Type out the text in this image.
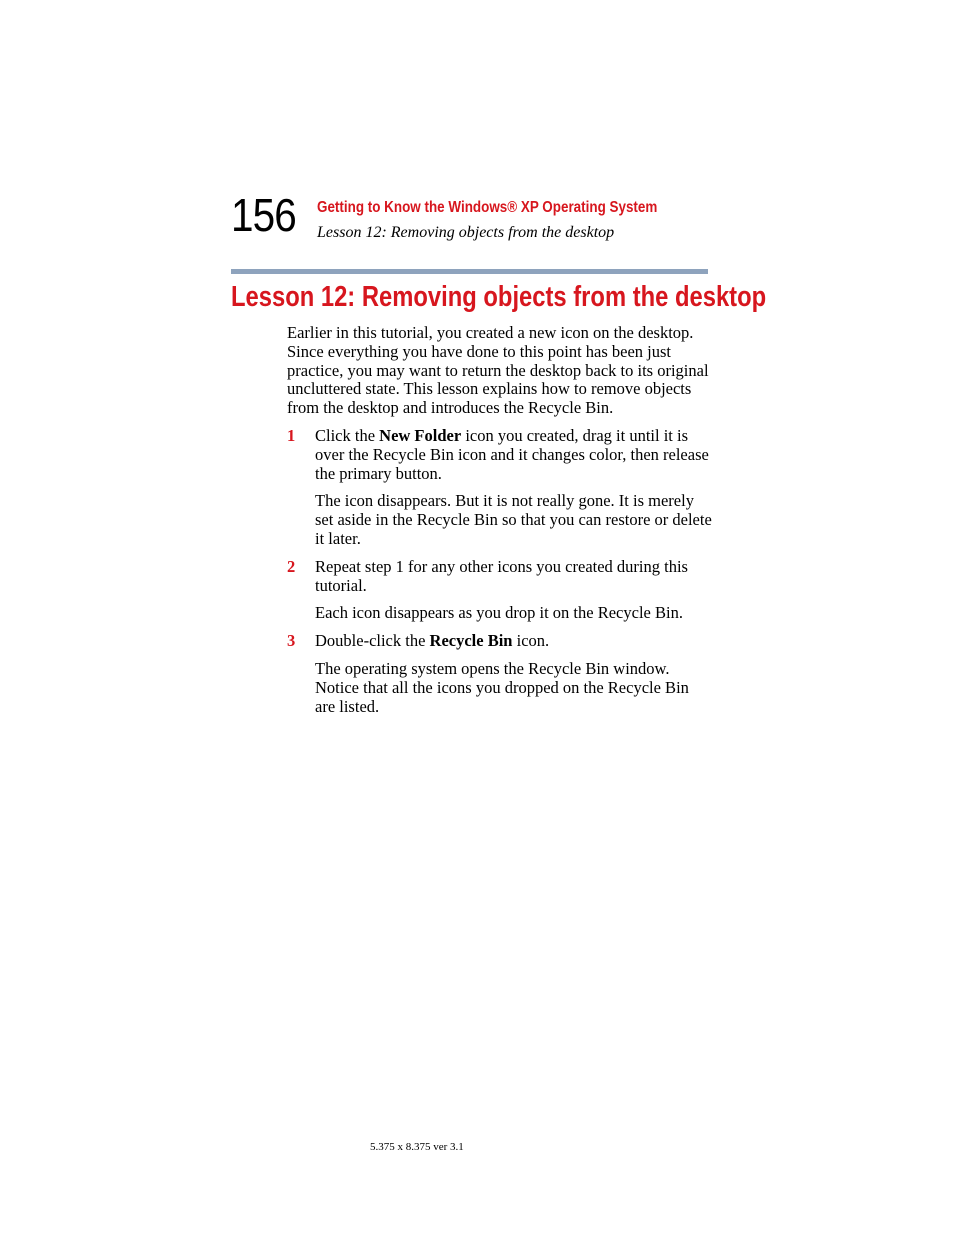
156 Getting to Know the Windows® XP Operating System
Lesson 12: Removing objects from the desktop
Lesson 12: Removing objects from the desktop

Earlier in this tutorial, you created a new icon on the desktop. Since everything you have done to this point has been just practice, you may want to return the desktop back to its original uncluttered state. This lesson explains how to remove objects from the desktop and introduces the Recycle Bin.

1 Click the New Folder icon you created, drag it until it is over the Recycle Bin icon and it changes color, then release the primary button.

The icon disappears. But it is not really gone. It is merely set aside in the Recycle Bin so that you can restore or delete it later.

2 Repeat step 1 for any other icons you created during this tutorial.

Each icon disappears as you drop it on the Recycle Bin.

3 Double-click the Recycle Bin icon.

The operating system opens the Recycle Bin window. Notice that all the icons you dropped on the Recycle Bin are listed.

5.375 x 8.375 ver 3.1
